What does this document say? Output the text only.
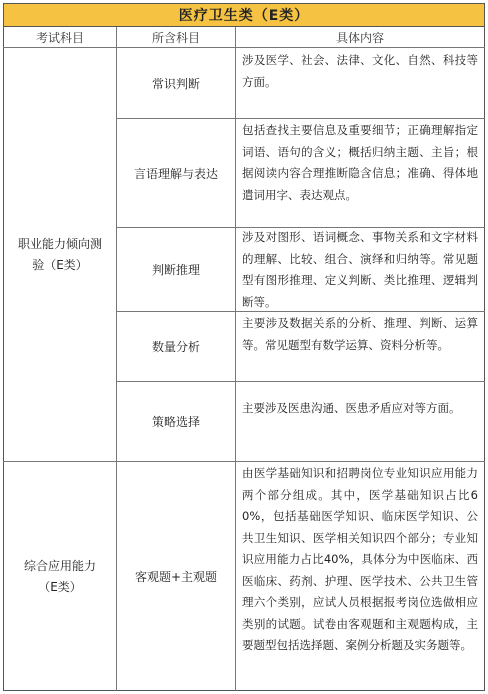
医疗卫生类（E类）
考试科目	所含科目	具体内容
职业能力倾向测验（E类）
常识判断
涉及医学、社会、法律、文化、自然、科技等方面。
言语理解与表达
包括查找主要信息及重要细节；正确理解指定词语、语句的含义；概括归纳主题、主旨；根据阅读内容合理推断隐含信息；准确、得体地遣词用字、表达观点。
判断推理
涉及对图形、语词概念、事物关系和文字材料的理解、比较、组合、演绎和归纳等。常见题型有图形推理、定义判断、类比推理、逻辑判断等。
数量分析
主要涉及数据关系的分析、推理、判断、运算等。常见题型有数学运算、资料分析等。
策略选择
主要涉及医患沟通、医患矛盾应对等方面。
综合应用能力（E类）
客观题+主观题
由医学基础知识和招聘岗位专业知识应用能力两个部分组成。其中，医学基础知识占比60%，包括基础医学知识、临床医学知识、公共卫生知识、医学相关知识四个部分；专业知识应用能力占比40%，具体分为中医临床、西医临床、药剂、护理、医学技术、公共卫生管理六个类别，应试人员根据报考岗位选做相应类别的试题。试卷由客观题和主观题构成，主要题型包括选择题、案例分析题及实务题等。
